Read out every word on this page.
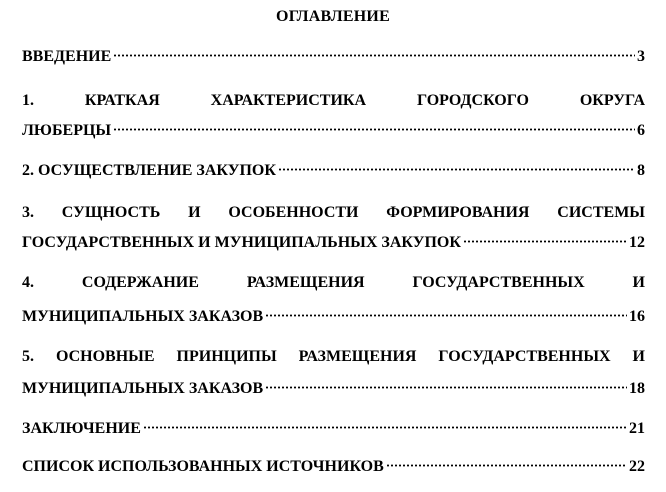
ОГЛАВЛЕНИЕ
ВВЕДЕНИЕ	3
1. КРАТКАЯ ХАРАКТЕРИСТИКА ГОРОДСКОГО ОКРУГА
ЛЮБЕРЦЫ	6
2. ОСУЩЕСТВЛЕНИЕ ЗАКУПОК	8
3. СУЩНОСТЬ И ОСОБЕННОСТИ ФОРМИРОВАНИЯ СИСТЕМЫ
ГОСУДАРСТВЕННЫХ И МУНИЦИПАЛЬНЫХ ЗАКУПОК	12
4. СОДЕРЖАНИЕ РАЗМЕЩЕНИЯ ГОСУДАРСТВЕННЫХ И
МУНИЦИПАЛЬНЫХ ЗАКАЗОВ	16
5. ОСНОВНЫЕ ПРИНЦИПЫ РАЗМЕЩЕНИЯ ГОСУДАРСТВЕННЫХ И
МУНИЦИПАЛЬНЫХ ЗАКАЗОВ	18
ЗАКЛЮЧЕНИЕ	21
СПИСОК ИСПОЛЬЗОВАННЫХ ИСТОЧНИКОВ	22
